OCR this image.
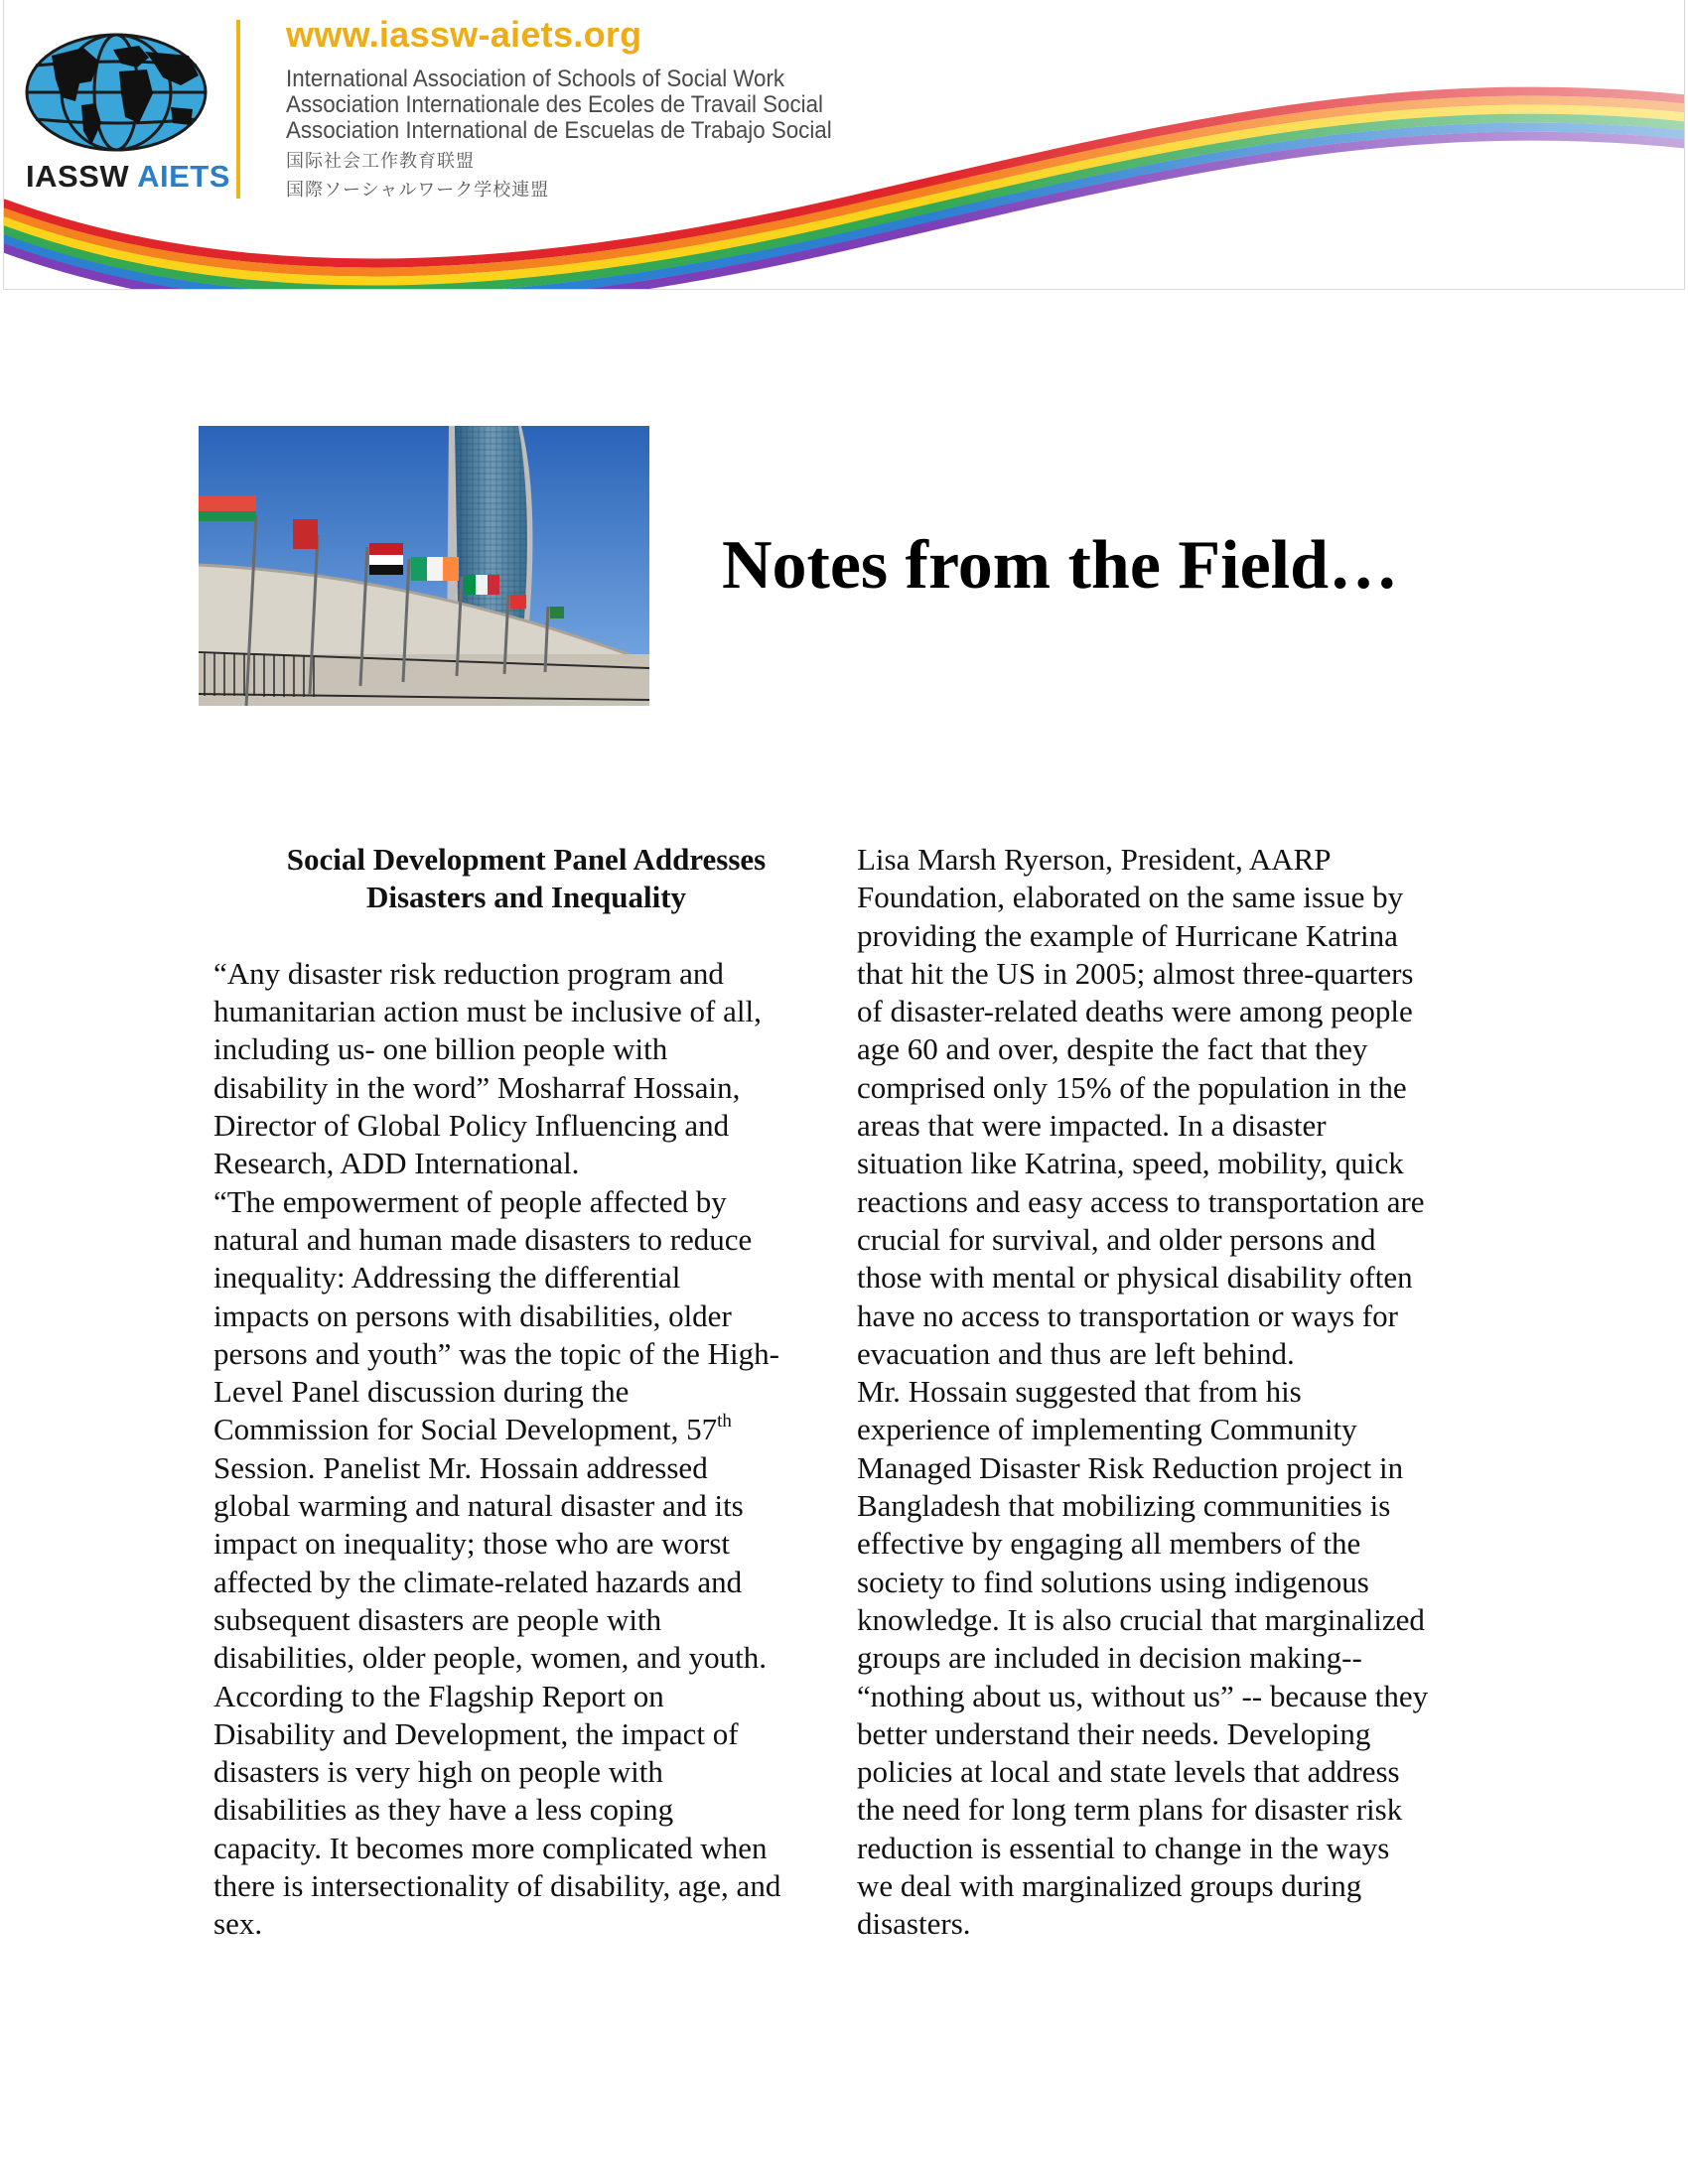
IASSW AIETS
www.iassw-aiets.org
International Association of Schools of Social Work
Association Internationale des Ecoles de Travail Social
Association International de Escuelas de Trabajo Social
国际社会工作教育联盟
国際ソーシャルワーク学校連盟
Notes from the Field…
Social Development Panel Addresses
Disasters and Inequality
“Any disaster risk reduction program and
humanitarian action must be inclusive of all,
including us- one billion people with
disability in the word” Mosharraf Hossain,
Director of Global Policy Influencing and
Research, ADD International.
“The empowerment of people affected by
natural and human made disasters to reduce
inequality: Addressing the differential
impacts on persons with disabilities, older
persons and youth” was the topic of the High-
Level Panel discussion during the
Commission for Social Development, 57th
Session. Panelist Mr. Hossain addressed
global warming and natural disaster and its
impact on inequality; those who are worst
affected by the climate-related hazards and
subsequent disasters are people with
disabilities, older people, women, and youth.
According to the Flagship Report on
Disability and Development, the impact of
disasters is very high on people with
disabilities as they have a less coping
capacity. It becomes more complicated when
there is intersectionality of disability, age, and
sex.
Lisa Marsh Ryerson, President, AARP
Foundation, elaborated on the same issue by
providing the example of Hurricane Katrina
that hit the US in 2005; almost three-quarters
of disaster-related deaths were among people
age 60 and over, despite the fact that they
comprised only 15% of the population in the
areas that were impacted. In a disaster
situation like Katrina, speed, mobility, quick
reactions and easy access to transportation are
crucial for survival, and older persons and
those with mental or physical disability often
have no access to transportation or ways for
evacuation and thus are left behind.
Mr. Hossain suggested that from his
experience of implementing Community
Managed Disaster Risk Reduction project in
Bangladesh that mobilizing communities is
effective by engaging all members of the
society to find solutions using indigenous
knowledge. It is also crucial that marginalized
groups are included in decision making--
“nothing about us, without us” -- because they
better understand their needs. Developing
policies at local and state levels that address
the need for long term plans for disaster risk
reduction is essential to change in the ways
we deal with marginalized groups during
disasters.
